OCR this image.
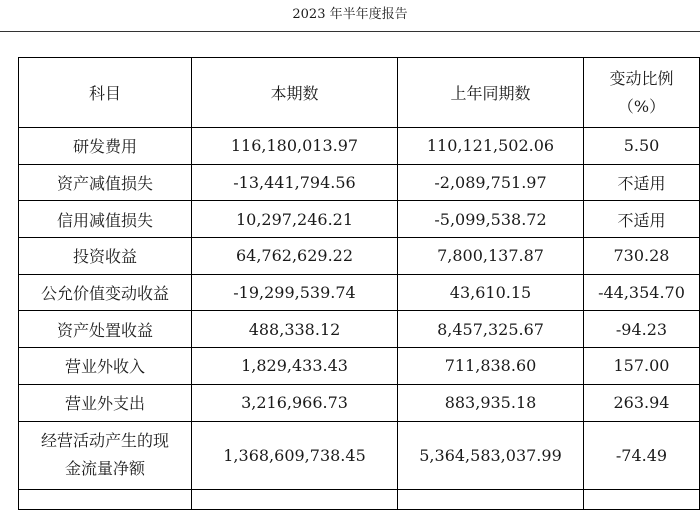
2023 年半年度报告
科目	本期数	上年同期数	变动比例
（%）

研发费用	116,180,013.97	110,121,502.06	5.50
资产减值损失	-13,441,794.56	-2,089,751.97	不适用
信用减值损失	10,297,246.21	-5,099,538.72	不适用
投资收益	64,762,629.22	7,800,137.87	730.28
公允价值变动收益	-19,299,539.74	43,610.15	-44,354.70
资产处置收益	488,338.12	8,457,325.67	-94.23
营业外收入	1,829,433.43	711,838.60	157.00
营业外支出	3,216,966.73	883,935.18	263.94

经营活动产生的现
金流量净额	1,368,609,738.45	5,364,583,037.99	-74.49
